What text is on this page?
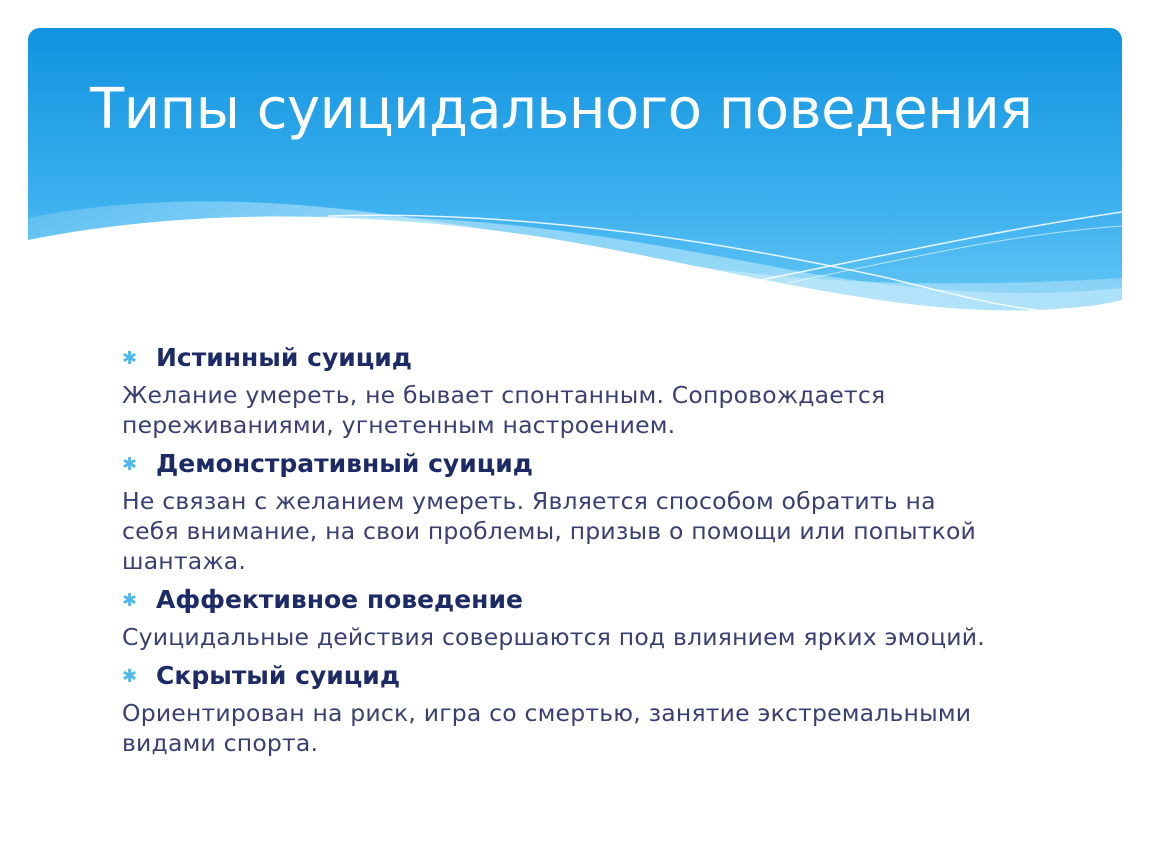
Типы суицидального поведения
✱ Истинный суицид

Желание умереть, не бывает спонтанным. Сопровождается
переживаниями, угнетенным настроением.

✱ Демонстративный суицид

Не связан с желанием умереть. Является способом обратить на
себя внимание, на свои проблемы, призыв о помощи или попыткой
шантажа.

✱ Аффективное поведение

Суицидальные действия совершаются под влиянием ярких эмоций.

✱ Скрытый суицид

Ориентирован на риск, игра со смертью, занятие экстремальными
видами спорта.
